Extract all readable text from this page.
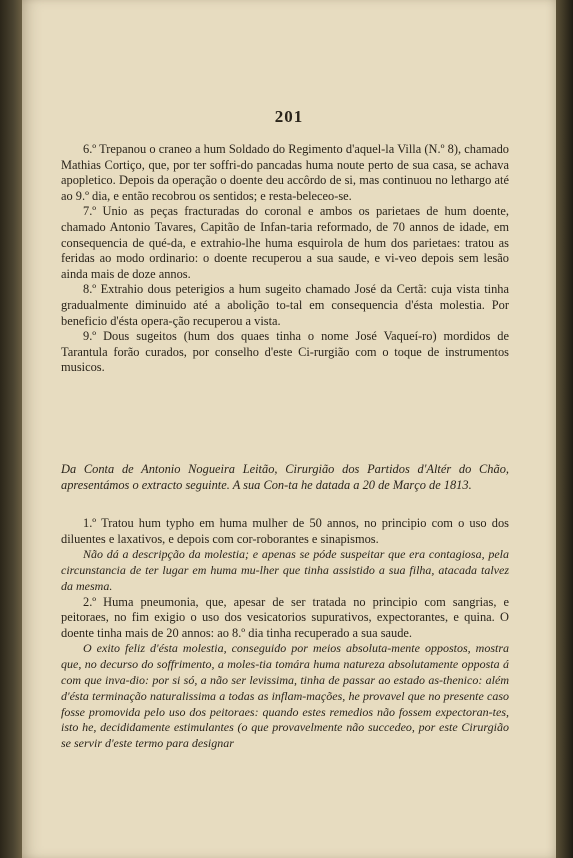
201

6.º Trepanou o craneo a hum Soldado do Regimento d'aquel-la Villa (N.º 8), chamado Mathias Cortiço, que, por ter soffri-do pancadas huma noute perto de sua casa, se achava apopletico. Depois da operação o doente deu accôrdo de si, mas continuou no lethargo até ao 9.º dia, e então recobrou os sentidos; e resta-beleceo-se.

7.º Unio as peças fracturadas do coronal e ambos os parietaes de hum doente, chamado Antonio Tavares, Capitão de Infan-taria reformado, de 70 annos de idade, em consequencia de qué-da, e extrahio-lhe huma esquirola de hum dos parietaes: tratou as feridas ao modo ordinario: o doente recuperou a sua saude, e vi-veo depois sem lesão ainda mais de doze annos.

8.º Extrahio dous peterigios a hum sugeito chamado José da Certã: cuja vista tinha gradualmente diminuido até a abolição to-tal em consequencia d'ésta molestia. Por beneficio d'ésta opera-ção recuperou a vista.

9.º Dous sugeitos (hum dos quaes tinha o nome José Vaqueí-ro) mordidos de Tarantula forão curados, por conselho d'este Ci-rurgião com o toque de instrumentos musicos.

Da Conta de Antonio Nogueira Leitão, Cirurgião dos Partidos d'Altér do Chão, apresentámos o extracto seguinte. A sua Con-ta he datada a 20 de Março de 1813.

1.º Tratou hum typho em huma mulher de 50 annos, no principio com o uso dos diluentes e laxativos, e depois com cor-roborantes e sinapismos.

Não dá a descripção da molestia; e apenas se póde suspeitar que era contagiosa, pela circunstancia de ter lugar em huma mu-lher que tinha assistido a sua filha, atacada talvez da mesma.

2.º Huma pneumonia, que, apesar de ser tratada no principio com sangrias, e peitoraes, no fim exigio o uso dos vesicatorios supurativos, expectorantes, e quina. O doente tinha mais de 20 annos: ao 8.º dia tinha recuperado a sua saude.

O exito feliz d'ésta molestia, conseguido por meios absoluta-mente oppostos, mostra que, no decurso do soffrimento, a moles-tia tomára huma natureza absolutamente opposta á com que inva-dio: por si só, a não ser levissima, tinha de passar ao estado as-thenico: além d'ésta terminação naturalissima a todas as inflam-mações, he provavel que no presente caso fosse promovida pelo uso dos peitoraes: quando estes remedios não fossem expectoran-tes, isto he, decididamente estimulantes (o que provavelmente não succedeo, por este Cirurgião se servir d'este termo para designar
